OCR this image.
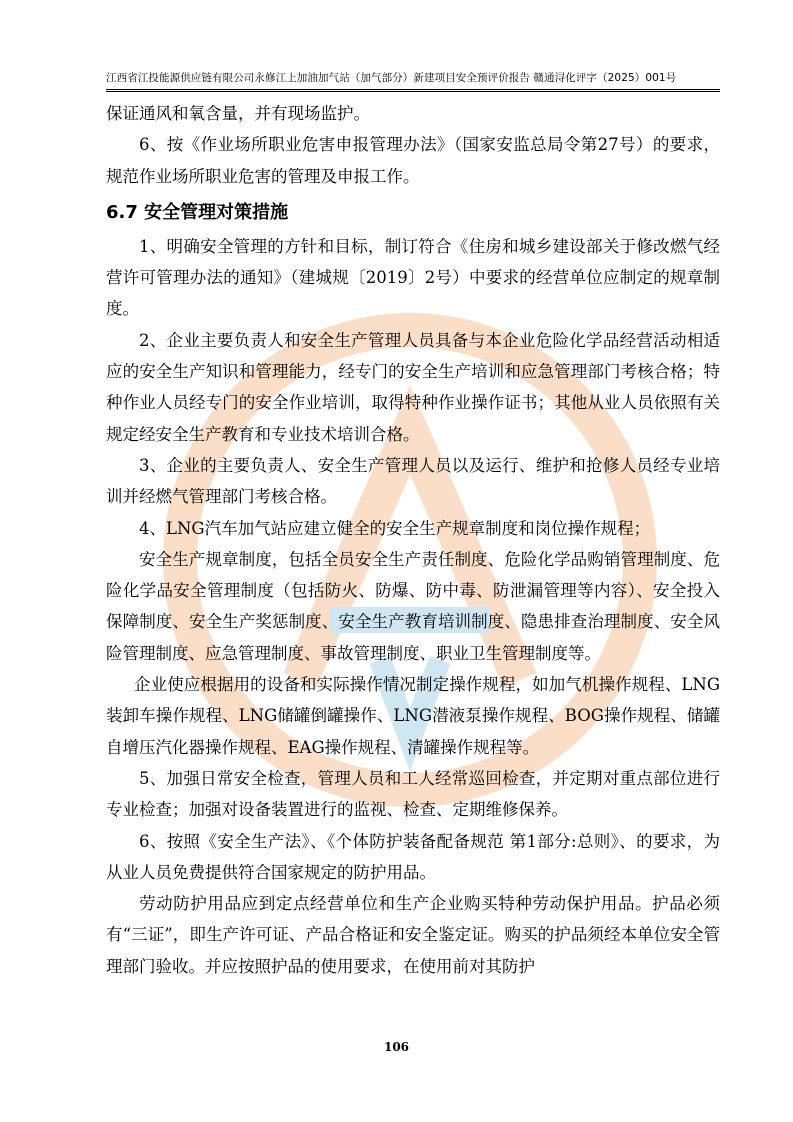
江西省江投能源供应链有限公司永修江上加油加气站（加气部分）新建项目安全预评价报告 赣通浔化评字（2025）001号

保证通风和氧含量，并有现场监护。

6、按《作业场所职业危害申报管理办法》（国家安监总局令第27号）的要求，规范作业场所职业危害的管理及申报工作。

6.7 安全管理对策措施

1、明确安全管理的方针和目标，制订符合《住房和城乡建设部关于修改燃气经营许可管理办法的通知》（建城规〔2019〕2号）中要求的经营单位应制定的规章制度。

2、企业主要负责人和安全生产管理人员具备与本企业危险化学品经营活动相适应的安全生产知识和管理能力，经专门的安全生产培训和应急管理部门考核合格；特种作业人员经专门的安全作业培训，取得特种作业操作证书；其他从业人员依照有关规定经安全生产教育和专业技术培训合格。

3、企业的主要负责人、安全生产管理人员以及运行、维护和抢修人员经专业培训并经燃气管理部门考核合格。

4、LNG汽车加气站应建立健全的安全生产规章制度和岗位操作规程；

安全生产规章制度，包括全员安全生产责任制度、危险化学品购销管理制度、危险化学品安全管理制度（包括防火、防爆、防中毒、防泄漏管理等内容）、安全投入保障制度、安全生产奖惩制度、安全生产教育培训制度、隐患排查治理制度、安全风险管理制度、应急管理制度、事故管理制度、职业卫生管理制度等。

企业使应根据用的设备和实际操作情况制定操作规程，如加气机操作规程、LNG装卸车操作规程、LNG储罐倒罐操作、LNG潜液泵操作规程、BOG操作规程、储罐自增压汽化器操作规程、EAG操作规程、清罐操作规程等。

5、加强日常安全检查，管理人员和工人经常巡回检查，并定期对重点部位进行专业检查；加强对设备装置进行的监视、检查、定期维修保养。

6、按照《安全生产法》、《个体防护装备配备规范 第1部分:总则》、的要求，为从业人员免费提供符合国家规定的防护用品。

劳动防护用品应到定点经营单位和生产企业购买特种劳动保护用品。护品必须有“三证”，即生产许可证、产品合格证和安全鉴定证。购买的护品须经本单位安全管理部门验收。并应按照护品的使用要求，在使用前对其防护

106
